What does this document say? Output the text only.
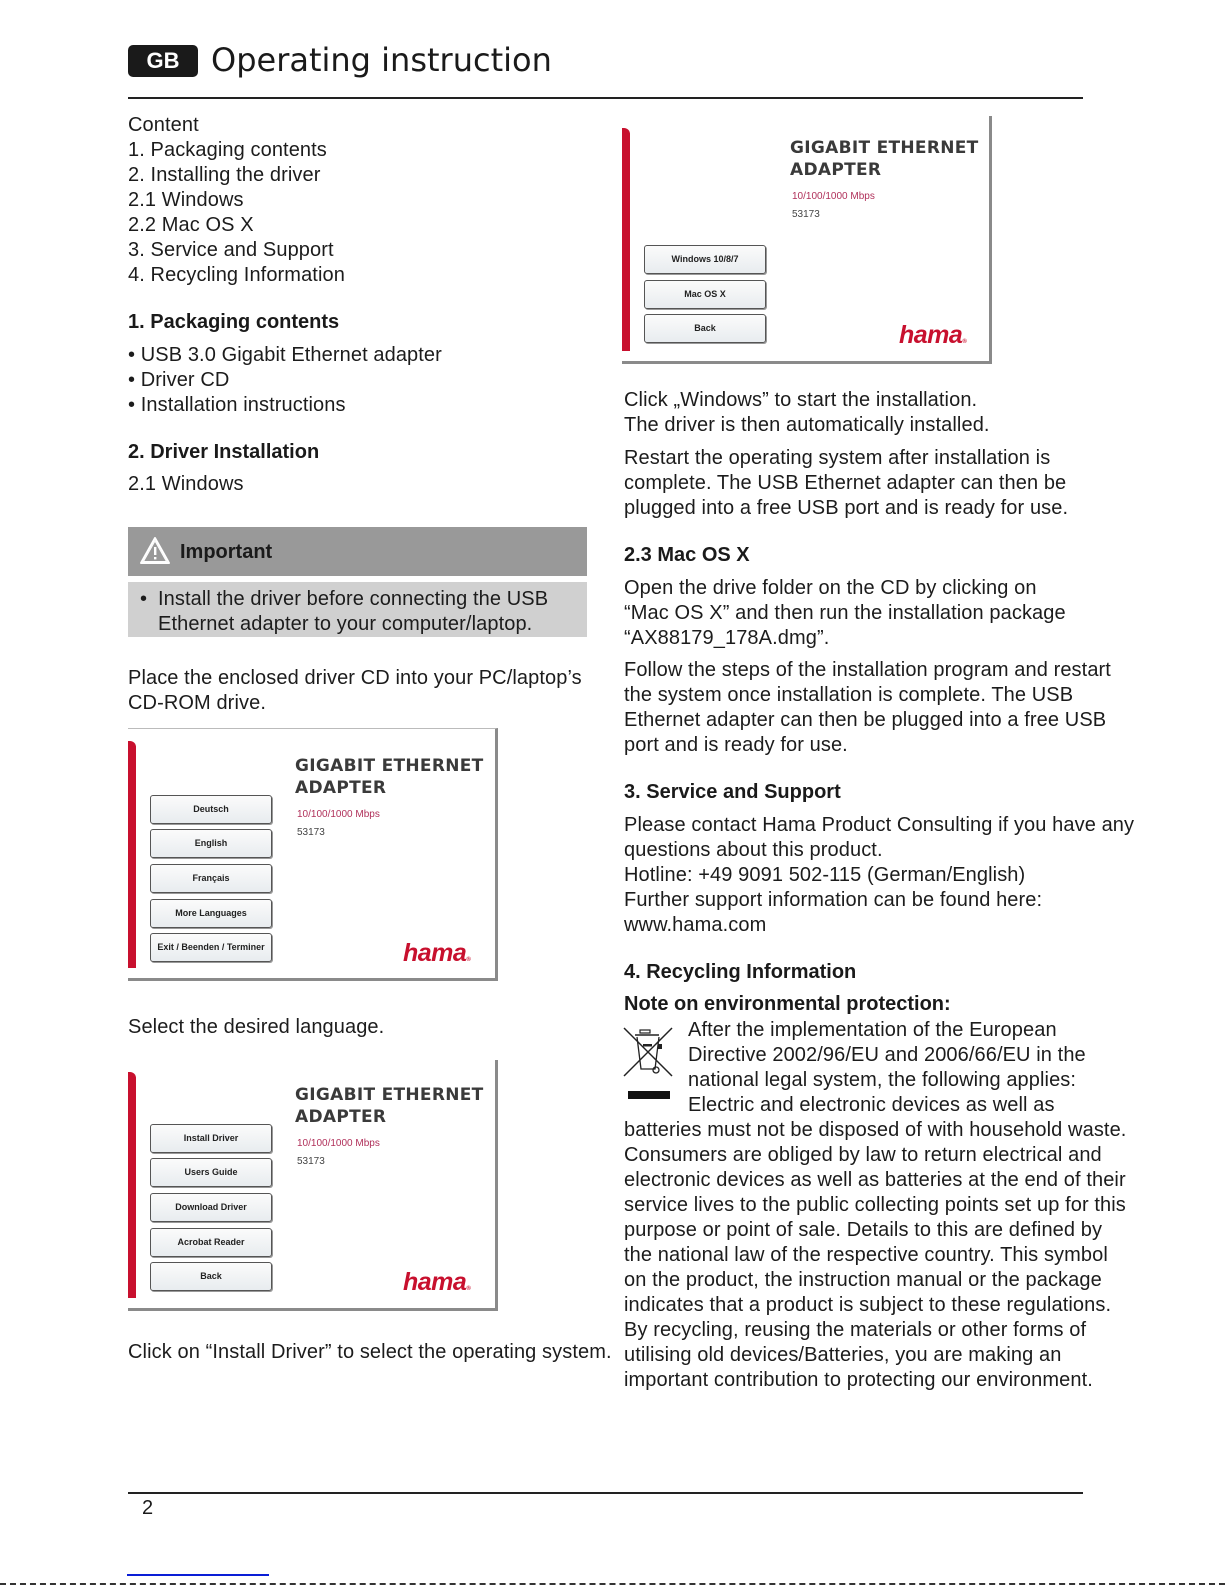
GB Operating instruction
Content
1. Packaging contents
2. Installing the driver
2.1 Windows
2.2 Mac OS X
3. Service and Support
4. Recycling Information
1. Packaging contents
• USB 3.0 Gigabit Ethernet adapter
• Driver CD
• Installation instructions
2. Driver Installation
2.1 Windows
Important
• Install the driver before connecting the USB
Ethernet adapter to your computer/laptop.
Place the enclosed driver CD into your PC/laptop’s
CD-ROM drive.
GIGABIT ETHERNET
ADAPTER
10/100/1000 Mbps
53173
Deutsch
English
Français
More Languages
Exit / Beenden / Terminer	hama®
Select the desired language.
GIGABIT ETHERNET
ADAPTER
10/100/1000 Mbps
53173
Install Driver
Users Guide
Download Driver
Acrobat Reader
Back	hama®
Click on “Install Driver” to select the operating system.
GIGABIT ETHERNET
ADAPTER
10/100/1000 Mbps
53173
Windows 10/8/7
Mac OS X
Back	hama®
Click „Windows” to start the installation.
The driver is then automatically installed.
Restart the operating system after installation is
complete. The USB Ethernet adapter can then be
plugged into a free USB port and is ready for use.
2.3 Mac OS X
Open the drive folder on the CD by clicking on
“Mac OS X” and then run the installation package
“AX88179_178A.dmg”.
Follow the steps of the installation program and restart
the system once installation is complete. The USB
Ethernet adapter can then be plugged into a free USB
port and is ready for use.
3. Service and Support
Please contact Hama Product Consulting if you have any
questions about this product.
Hotline: +49 9091 502-115 (German/English)
Further support information can be found here:
www.hama.com
4. Recycling Information
Note on environmental protection:
After the implementation of the European
Directive 2002/96/EU and 2006/66/EU in the
national legal system, the following applies:
Electric and electronic devices as well as
batteries must not be disposed of with household waste.
Consumers are obliged by law to return electrical and
electronic devices as well as batteries at the end of their
service lives to the public collecting points set up for this
purpose or point of sale. Details to this are defined by
the national law of the respective country. This symbol
on the product, the instruction manual or the package
indicates that a product is subject to these regulations.
By recycling, reusing the materials or other forms of
utilising old devices/Batteries, you are making an
important contribution to protecting our environment.
2
